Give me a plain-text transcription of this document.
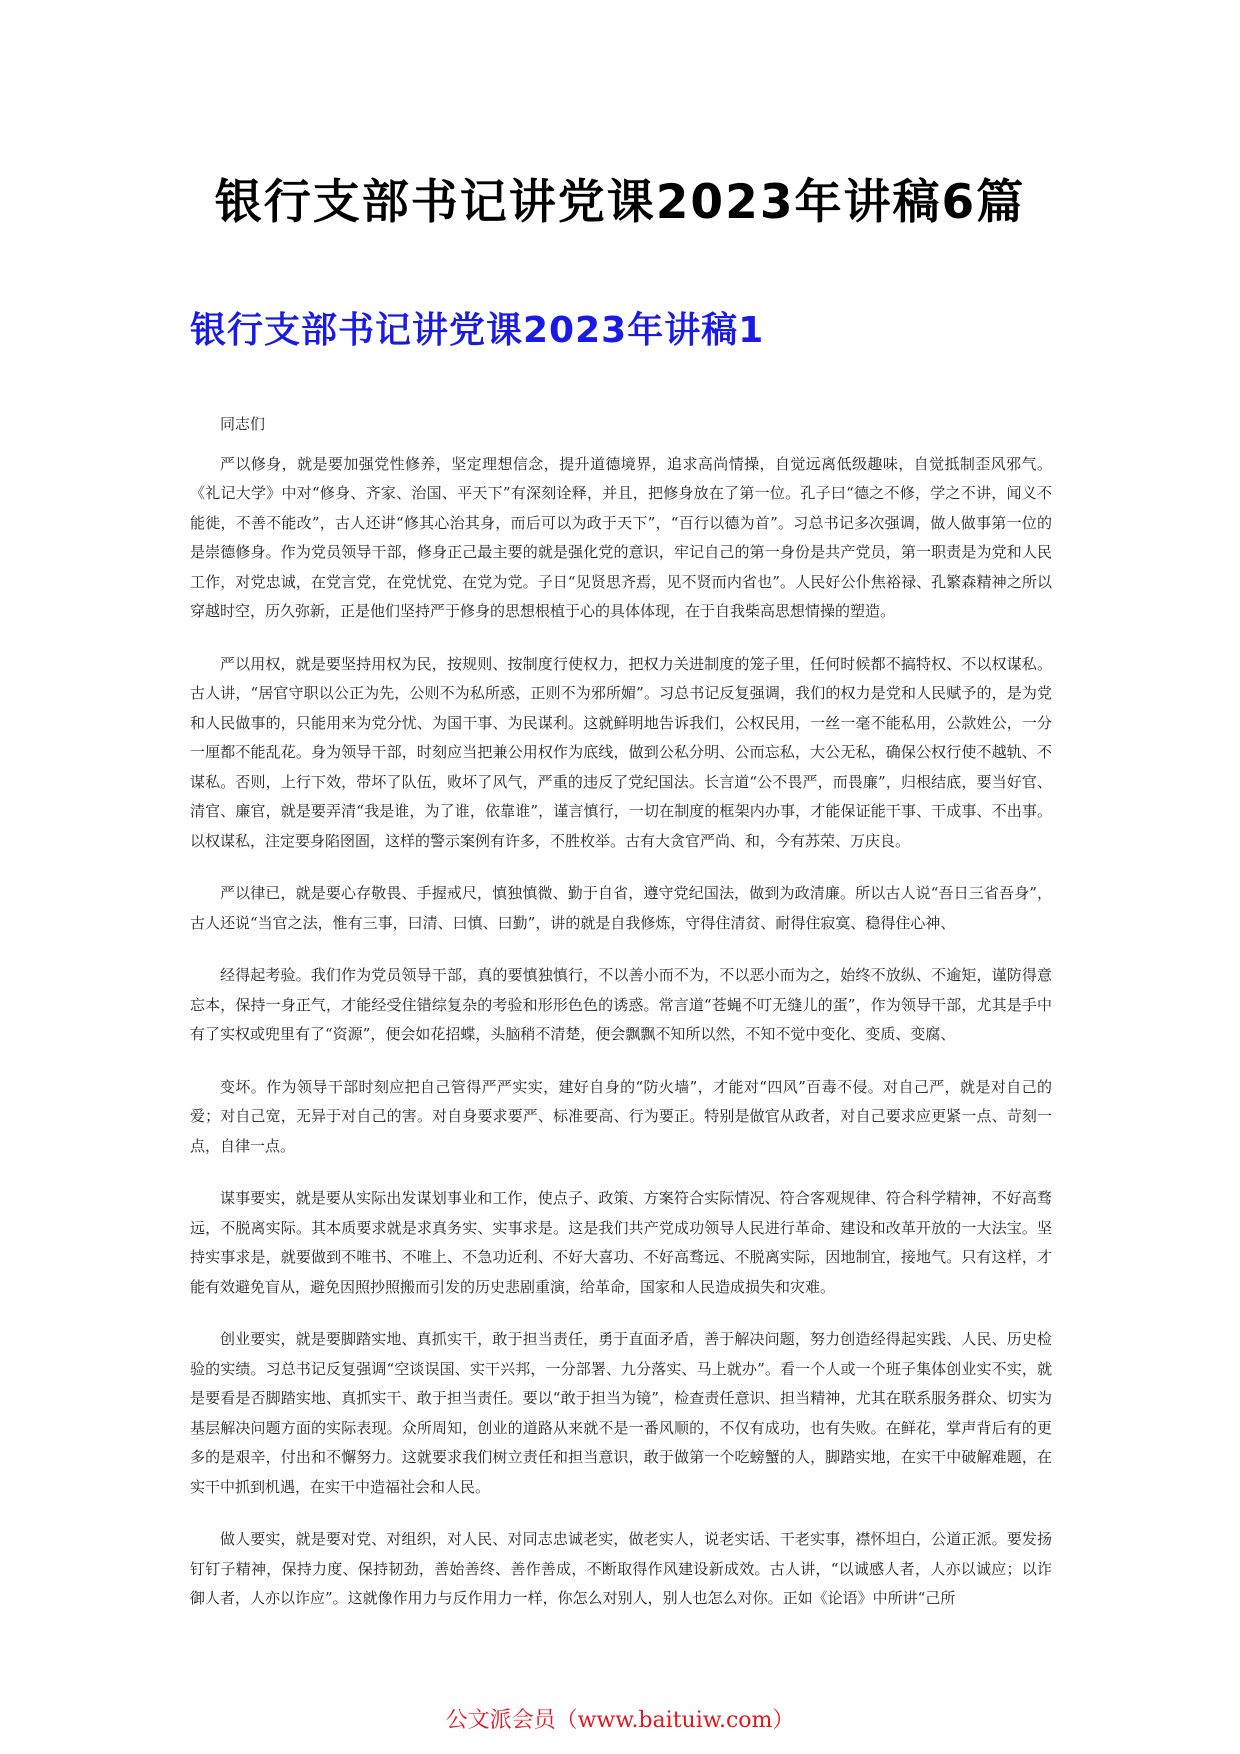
银行支部书记讲党课2023年讲稿6篇
银行支部书记讲党课2023年讲稿1

同志们

严以修身，就是要加强党性修养，坚定理想信念，提升道德境界，追求高尚情操，自觉远离低级趣味，自觉抵制歪风邪气。《礼记大学》中对“修身、齐家、治国、平天下”有深刻诠释，并且，把修身放在了第一位。孔子曰“德之不修，学之不讲，闻义不能徙，不善不能改”，古人还讲“修其心治其身，而后可以为政于天下”，“百行以德为首”。习总书记多次强调，做人做事第一位的是崇德修身。作为党员领导干部，修身正己最主要的就是强化党的意识，牢记自己的第一身份是共产党员，第一职责是为党和人民工作，对党忠诚，在党言党，在党忧党、在党为党。子日“见贤思齐焉，见不贤而内省也”。人民好公仆焦裕禄、孔繁森精神之所以穿越时空，历久弥新，正是他们坚持严于修身的思想根植于心的具体体现，在于自我柴高思想情操的塑造。

严以用权，就是要坚持用权为民，按规则、按制度行使权力，把权力关进制度的笼子里，任何时候都不搞特权、不以权谋私。古人讲，“居官守职以公正为先，公则不为私所惑，正则不为邪所媚”。习总书记反复强调，我们的权力是党和人民赋予的，是为党和人民做事的，只能用来为党分忧、为国干事、为民谋利。这就鲜明地告诉我们，公权民用，一丝一毫不能私用，公款姓公，一分一厘都不能乱花。身为领导干部，时刻应当把兼公用权作为底线，做到公私分明、公而忘私，大公无私，确保公权行使不越轨、不谋私。否则，上行下效，带坏了队伍，败坏了风气，严重的违反了党纪国法。长言道“公不畏严，而畏廉”，归根结底，要当好官、清官、廉官，就是要弄清“我是谁，为了谁，依靠谁”，谨言慎行，一切在制度的框架内办事，才能保证能干事、干成事、不出事。以权谋私，注定要身陷囹圄，这样的警示案例有许多，不胜枚举。古有大贪官严尚、和，今有苏荣、万庆良。

严以律已，就是要心存敬畏、手握戒尺，慎独慎微、勤于自省，遵守党纪国法，做到为政清廉。所以古人说“吾日三省吾身”，古人还说“当官之法，惟有三事，曰清、曰慎、曰勤”，讲的就是自我修炼，守得住清贫、耐得住寂寞、稳得住心神、

经得起考验。我们作为党员领导干部，真的要慎独慎行，不以善小而不为，不以恶小而为之，始终不放纵、不逾矩，谨防得意忘本，保持一身正气，才能经受住错综复杂的考验和形形色色的诱惑。常言道“苍蝇不叮无缝儿的蛋”，作为领导干部，尤其是手中有了实权或兜里有了“资源”，便会如花招蝶，头脑稍不清楚，便会飘飘不知所以然，不知不觉中变化、变质、变腐、

变坏。作为领导干部时刻应把自己管得严严实实，建好自身的“防火墙”，才能对“四风”百毒不侵。对自己严，就是对自己的爱；对自己宽，无异于对自己的害。对自身要求要严、标准要高、行为要正。特别是做官从政者，对自己要求应更紧一点、苛刻一点，自律一点。

谋事要实，就是要从实际出发谋划事业和工作，使点子、政策、方案符合实际情况、符合客观规律、符合科学精神，不好高骛远，不脱离实际。其本质要求就是求真务实、实事求是。这是我们共产党成功领导人民进行革命、建设和改革开放的一大法宝。坚持实事求是，就要做到不唯书、不唯上、不急功近利、不好大喜功、不好高骛远、不脱离实际，因地制宜，接地气。只有这样，才能有效避免盲从，避免因照抄照搬而引发的历史悲剧重演，给革命，国家和人民造成损失和灾难。

创业要实，就是要脚踏实地、真抓实干，敢于担当责任，勇于直面矛盾，善于解决问题，努力创造经得起实践、人民、历史检验的实绩。习总书记反复强调“空谈误国、实干兴邦，一分部署、九分落实、马上就办”。看一个人或一个班子集体创业实不实，就是要看是否脚踏实地、真抓实干、敢于担当责任。要以“敢于担当为镜”，检查责任意识、担当精神，尤其在联系服务群众、切实为基层解决问题方面的实际表现。众所周知，创业的道路从来就不是一番风顺的，不仅有成功，也有失败。在鲜花，掌声背后有的更多的是艰辛，付出和不懈努力。这就要求我们树立责任和担当意识，敢于做第一个吃螃蟹的人，脚踏实地，在实干中破解难题，在实干中抓到机遇，在实干中造福社会和人民。

做人要实，就是要对党、对组织，对人民、对同志忠诚老实，做老实人，说老实话、干老实事，襟怀坦白，公道正派。要发扬钉钉子精神，保持力度、保持韧劲，善始善终、善作善成，不断取得作风建设新成效。古人讲，“以诚感人者，人亦以诚应；以诈御人者，人亦以诈应”。这就像作用力与反作用力一样，你怎么对别人，别人也怎么对你。正如《论语》中所讲“己所

公文派会员（www.baituiw.com）
